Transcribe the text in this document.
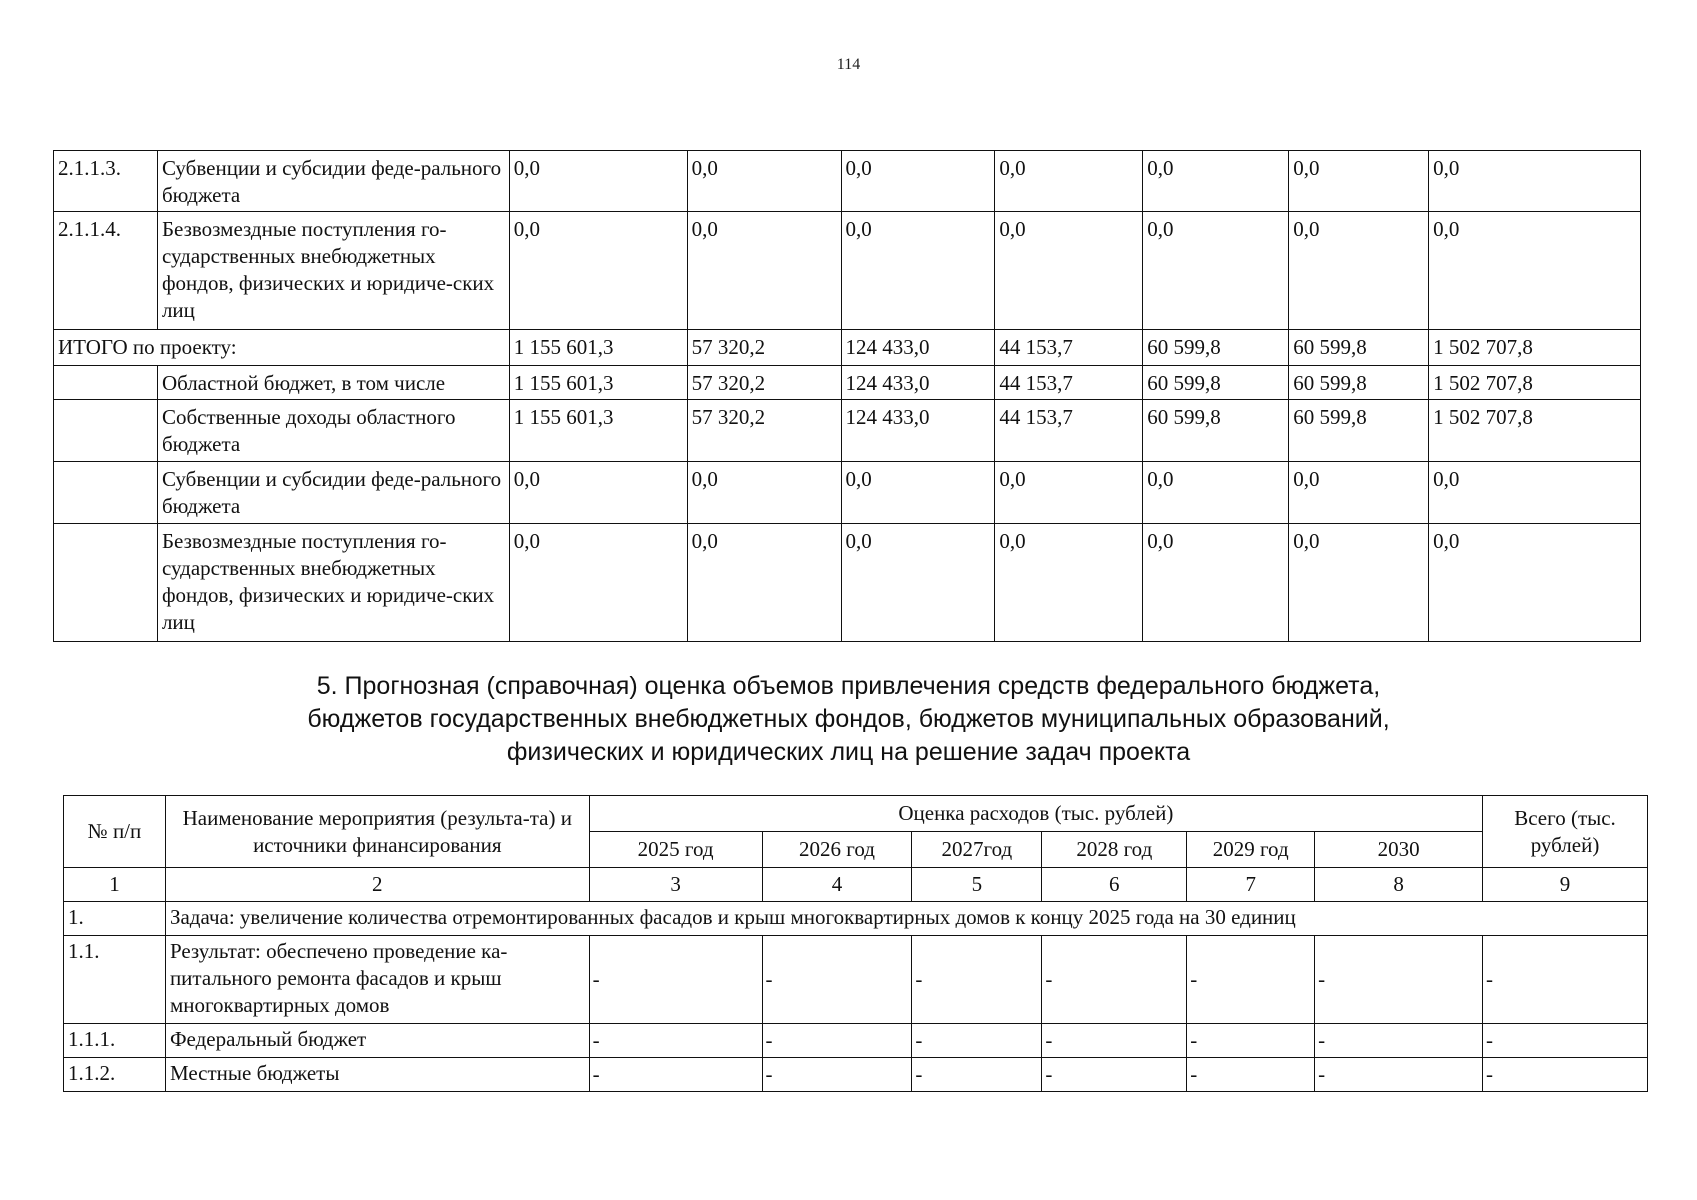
114
2.1.1.3.	Субвенции и субсидии феде-рального бюджета	0,0	0,0	0,0	0,0	0,0	0,0	0,0
2.1.1.4.	Безвозмездные поступления го-сударственных внебюджетных фондов, физических и юридиче-ских лиц	0,0	0,0	0,0	0,0	0,0	0,0	0,0
ИТОГО по проекту:		1 155 601,3	57 320,2	124 433,0	44 153,7	60 599,8	60 599,8	1 502 707,8
	Областной бюджет, в том числе	1 155 601,3	57 320,2	124 433,0	44 153,7	60 599,8	60 599,8	1 502 707,8
	Собственные доходы областного бюджета	1 155 601,3	57 320,2	124 433,0	44 153,7	60 599,8	60 599,8	1 502 707,8
	Субвенции и субсидии феде-рального бюджета	0,0	0,0	0,0	0,0	0,0	0,0	0,0
	Безвозмездные поступления го-сударственных внебюджетных фондов, физических и юридиче-ских лиц	0,0	0,0	0,0	0,0	0,0	0,0	0,0
5. Прогнозная (справочная) оценка объемов привлечения средств федерального бюджета,
бюджетов государственных внебюджетных фондов, бюджетов муниципальных образований,
физических и юридических лиц на решение задач проекта
№ п/п	Наименование мероприятия (результа-та) и источники финансирования	Оценка расходов (тыс. рублей)						Всего (тыс. рублей)
		2025 год	2026 год	2027год	2028 год	2029 год	2030	
1	2	3	4	5	6	7	8	9
1.	Задача: увеличение количества отремонтированных фасадов и крыш многоквартирных домов к концу 2025 года на 30 единиц							
1.1.	Результат: обеспечено проведение ка-питального ремонта фасадов и крыш многоквартирных домов	-	-	-	-	-	-	-
1.1.1.	Федеральный бюджет	-	-	-	-	-	-	-
1.1.2.	Местные бюджеты	-	-	-	-	-	-	-
